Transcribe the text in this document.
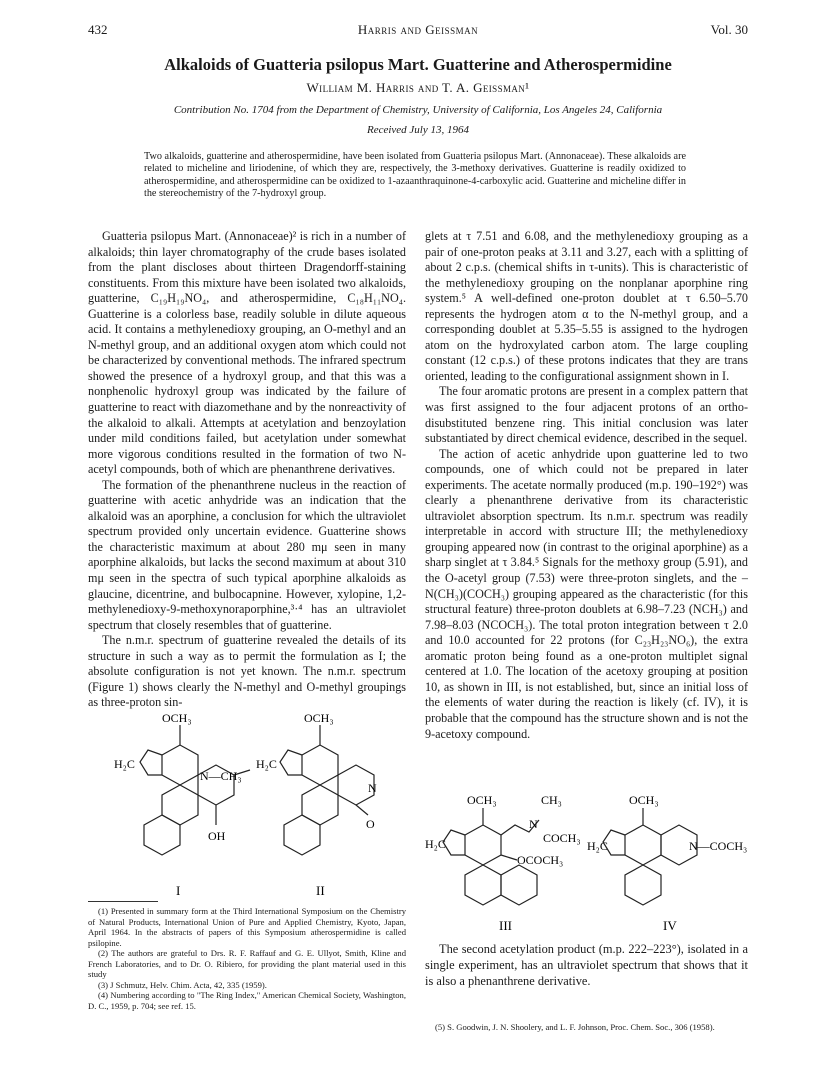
432	Harris and Geissman	Vol. 30
Alkaloids of Guatteria psilopus Mart. Guatterine and Atherospermidine
William M. Harris and T. A. Geissman¹
Contribution No. 1704 from the Department of Chemistry, University of California, Los Angeles 24, California
Received July 13, 1964
Two alkaloids, guatterine and atherospermidine, have been isolated from Guatteria psilopus Mart. (Annonaceae). These alkaloids are related to micheline and liriodenine, of which they are, respectively, the 3-methoxy derivatives. Guatterine is readily oxidized to atherospermidine, and atherospermidine can be oxidized to 1-azaanthraquinone-4-carboxylic acid. Guatterine and micheline differ in the stereochemistry of the 7-hydroxyl group.

Guatteria psilopus Mart. (Annonaceae)² is rich in a number of alkaloids; thin layer chromatography of the crude bases isolated from the plant discloses about thirteen Dragendorff-staining constituents. From this mixture have been isolated two alkaloids, guatterine, C₁₉H₁₉NO₄, and atherospermidine, C₁₈H₁₁NO₄. Guatterine is a colorless base, readily soluble in dilute aqueous acid. It contains a methylenedioxy grouping, an O-methyl and an N-methyl group, and an additional oxygen atom which could not be characterized by conventional methods. The infrared spectrum showed the presence of a hydroxyl group, and that this was a nonphenolic hydroxyl group was indicated by the failure of guatterine to react with diazomethane and by the nonreactivity of the alkaloid to alkali. Attempts at acetylation and benzoylation under mild conditions failed, but acetylation under somewhat more vigorous conditions resulted in the formation of two N-acetyl compounds, both of which are phenanthrene derivatives.

The formation of the phenanthrene nucleus in the reaction of guatterine with acetic anhydride was an indication that the alkaloid was an aporphine, a conclusion for which the ultraviolet spectrum provided only uncertain evidence. Guatterine shows the characteristic maximum at about 280 mμ seen in many aporphine alkaloids, but lacks the second maximum at about 310 mμ seen in the spectra of such typical aporphine alkaloids as glaucine, dicentrine, and bulbocapnine. However, xylopine, 1,2-methylenedioxy-9-methoxynoraporphine,³·⁴ has an ultraviolet spectrum that closely resembles that of guatterine.

The n.m.r. spectrum of guatterine revealed the details of its structure in such a way as to permit the formulation as I; the absolute configuration is not yet known. The n.m.r. spectrum (Figure 1) shows clearly the N-methyl and O-methyl groupings as three-proton sin-

OCH₃
H₂C
N—CH₃
OH
I
OCH₃
H₂C
N
O
II

(1) Presented in summary form at the Third International Symposium on the Chemistry of Natural Products, International Union of Pure and Applied Chemistry, Kyoto, Japan, April 1964. In the abstracts of papers of this Symposium atherospermidine is called psilopine.

(2) The authors are grateful to Drs. R. F. Raffauf and G. E. Ullyot, Smith, Kline and French Laboratories, and to Dr. O. Ribiero, for providing the plant material used in this study

(3) J Schmutz, Helv. Chim. Acta, 42, 335 (1959).

(4) Numbering according to "The Ring Index," American Chemical Society, Washington, D. C., 1959, p. 704; see ref. 15.

glets at τ 7.51 and 6.08, and the methylenedioxy grouping as a pair of one-proton peaks at 3.11 and 3.27, each with a splitting of about 2 c.p.s. (chemical shifts in τ-units). This is characteristic of the methylenedioxy grouping on the nonplanar aporphine ring system.⁵ A well-defined one-proton doublet at τ 6.50–5.70 represents the hydrogen atom α to the N-methyl group, and a corresponding doublet at 5.35–5.55 is assigned to the hydrogen atom on the hydroxylated carbon atom. The large coupling constant (12 c.p.s.) of these protons indicates that they are trans oriented, leading to the configurational assignment shown in I.

The four aromatic protons are present in a complex pattern that was first assigned to the four adjacent protons of an ortho-disubstituted benzene ring. This initial conclusion was later substantiated by direct chemical evidence, described in the sequel.

The action of acetic anhydride upon guatterine led to two compounds, one of which could not be prepared in later experiments. The acetate normally produced (m.p. 190–192°) was clearly a phenanthrene derivative from its characteristic ultraviolet absorption spectrum. Its n.m.r. spectrum was readily interpretable in accord with structure III; the methylenedioxy grouping appeared now (in contrast to the original aporphine) as a sharp singlet at τ 3.84.⁵ Signals for the methoxy group (5.91), and the O-acetyl group (7.53) were three-proton singlets, and the –N(CH₃)(COCH₃) grouping appeared as the characteristic (for this structural feature) three-proton doublets at 6.98–7.23 (NCH₃) and 7.98–8.03 (NCOCH₃). The total proton integration between τ 2.0 and 10.0 accounted for 22 protons (for C₂₃H₂₃NO₆), the extra aromatic proton being found as a one-proton multiplet signal centered at 1.0. The location of the acetoxy grouping at position 10, as shown in III, is not established, but, since an initial loss of the elements of water during the reaction is likely (cf. IV), it is probable that the compound has the structure shown and is not the 9-acetoxy compound.

OCH₃	CH₃
N
COCH₃
OCOCH₃
H₂C
III
OCH₃
H₂C	N—COCH₃
IV

The second acetylation product (m.p. 222–223°), isolated in a single experiment, has an ultraviolet spectrum that shows that it is also a phenanthrene derivative.

(5) S. Goodwin, J. N. Shoolery, and L. F. Johnson, Proc. Chem. Soc., 306 (1958).
